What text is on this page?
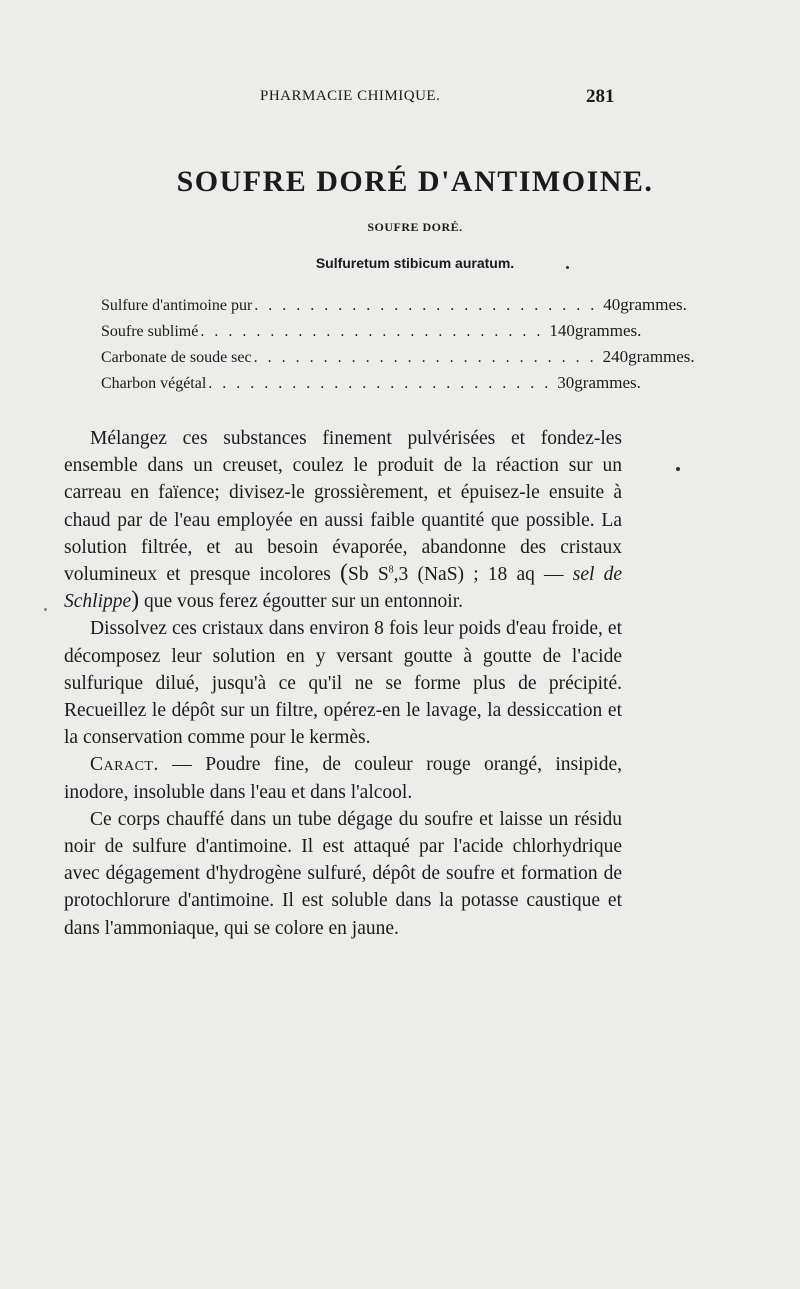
PHARMACIE CHIMIQUE.	281
SOUFRE DORÉ D'ANTIMOINE.
SOUFRE DORÉ.
Sulfuretum stibicum auratum.
Sulfure d'antimoine pur . . . . . . . . . . . . . . . . . . . . . . . . . 40 grammes.
Soufre sublimé . . . . . . . . . . . . . . . . . . . . . . . . . 140 grammes.
Carbonate de soude sec . . . . . . . . . . . . . . . . . . . . . . . . . 240 grammes.
Charbon végétal . . . . . . . . . . . . . . . . . . . . . . . . . 30 grammes.

Mélangez ces substances finement pulvérisées et fondez-les ensemble dans un creuset, coulez le produit de la réaction sur un carreau en faïence; divisez-le grossièrement, et épuisez-le ensuite à chaud par de l'eau employée en aussi faible quantité que possible. La solution filtrée, et au besoin évaporée, abandonne des cristaux volumineux et presque incolores (Sb $S^8,3$ (NaS) ; 18 aq — sel de Schlippe) que vous ferez égoutter sur un entonnoir.

Dissolvez ces cristaux dans environ 8 fois leur poids d'eau froide, et décomposez leur solution en y versant goutte à goutte de l'acide sulfurique dilué, jusqu'à ce qu'il ne se forme plus de précipité. Recueillez le dépôt sur un filtre, opérez-en le lavage, la dessiccation et la conservation comme pour le kermès.

Caract. — Poudre fine, de couleur rouge orangé, insipide, inodore, insoluble dans l'eau et dans l'alcool.

Ce corps chauffé dans un tube dégage du soufre et laisse un résidu noir de sulfure d'antimoine. Il est attaqué par l'acide chlorhydrique avec dégagement d'hydrogène sulfuré, dépôt de soufre et formation de protochlorure d'antimoine. Il est soluble dans la potasse caustique et dans l'ammoniaque, qui se colore en jaune.
